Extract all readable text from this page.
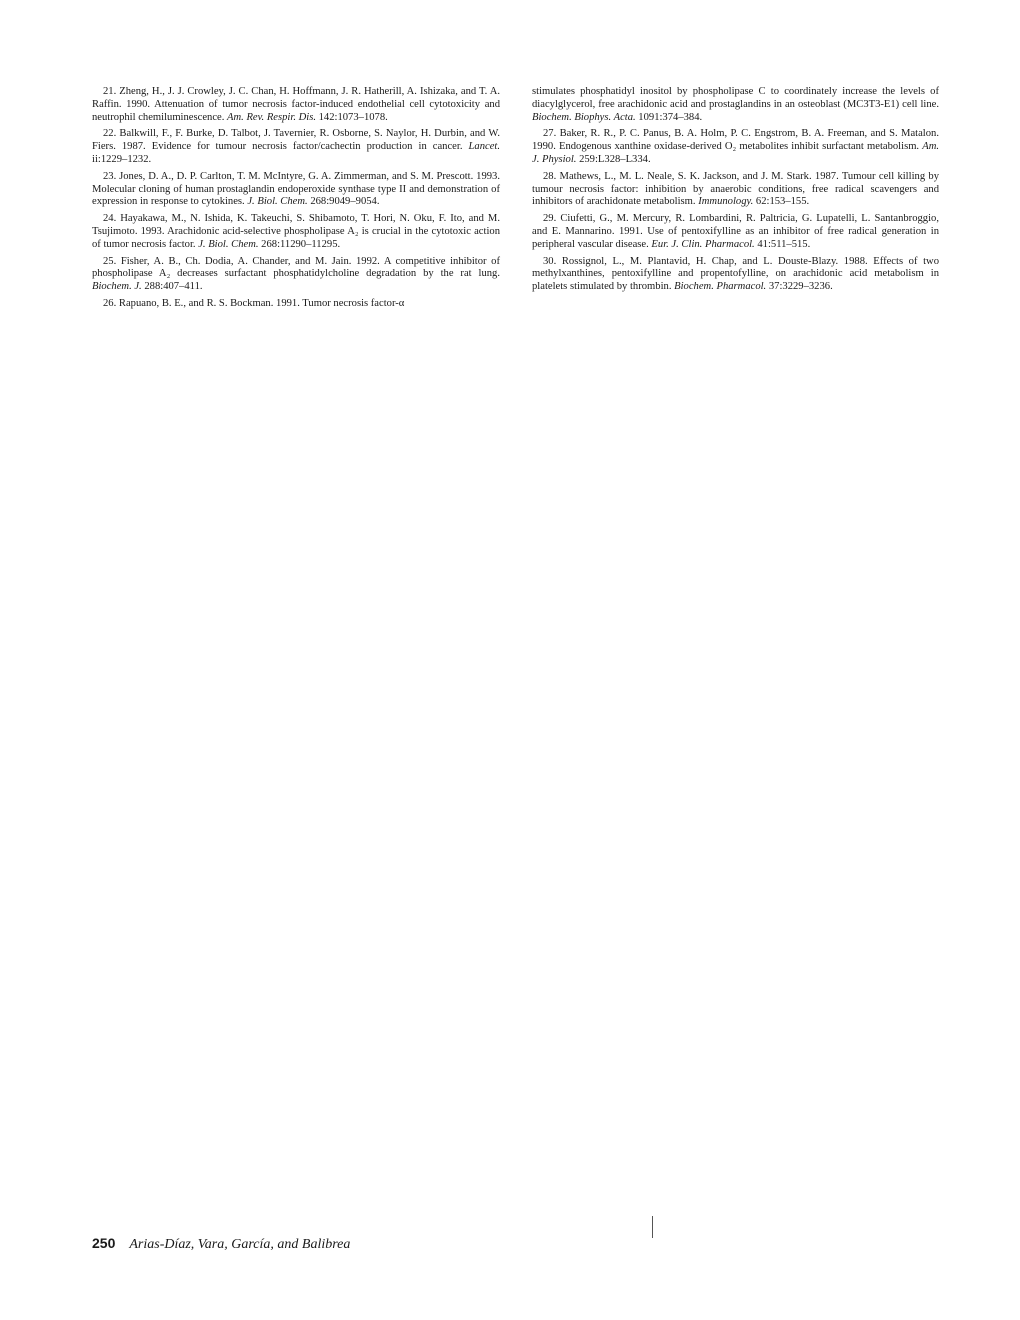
21. Zheng, H., J. J. Crowley, J. C. Chan, H. Hoffmann, J. R. Hatherill, A. Ishizaka, and T. A. Raffin. 1990. Attenuation of tumor necrosis factor-induced endothelial cell cytotoxicity and neutrophil chemiluminescence. Am. Rev. Respir. Dis. 142:1073–1078.

22. Balkwill, F., F. Burke, D. Talbot, J. Tavernier, R. Osborne, S. Naylor, H. Durbin, and W. Fiers. 1987. Evidence for tumour necrosis factor/cachectin production in cancer. Lancet. ii:1229–1232.

23. Jones, D. A., D. P. Carlton, T. M. McIntyre, G. A. Zimmerman, and S. M. Prescott. 1993. Molecular cloning of human prostaglandin endoperoxide synthase type II and demonstration of expression in response to cytokines. J. Biol. Chem. 268:9049–9054.

24. Hayakawa, M., N. Ishida, K. Takeuchi, S. Shibamoto, T. Hori, N. Oku, F. Ito, and M. Tsujimoto. 1993. Arachidonic acid-selective phospholipase A₂ is crucial in the cytotoxic action of tumor necrosis factor. J. Biol. Chem. 268:11290–11295.

25. Fisher, A. B., Ch. Dodia, A. Chander, and M. Jain. 1992. A competitive inhibitor of phospholipase A₂ decreases surfactant phosphatidylcholine degradation by the rat lung. Biochem. J. 288:407–411.

26. Rapuano, B. E., and R. S. Bockman. 1991. Tumor necrosis factor-α

stimulates phosphatidyl inositol by phospholipase C to coordinately increase the levels of diacylglycerol, free arachidonic acid and prostaglandins in an osteoblast (MC3T3-E1) cell line. Biochem. Biophys. Acta. 1091:374–384.

27. Baker, R. R., P. C. Panus, B. A. Holm, P. C. Engstrom, B. A. Freeman, and S. Matalon. 1990. Endogenous xanthine oxidase-derived O₂ metabolites inhibit surfactant metabolism. Am. J. Physiol. 259:L328–L334.

28. Mathews, L., M. L. Neale, S. K. Jackson, and J. M. Stark. 1987. Tumour cell killing by tumour necrosis factor: inhibition by anaerobic conditions, free radical scavengers and inhibitors of arachidonate metabolism. Immunology. 62:153–155.

29. Ciufetti, G., M. Mercury, R. Lombardini, R. Paltricia, G. Lupatelli, L. Santanbroggio, and E. Mannarino. 1991. Use of pentoxifylline as an inhibitor of free radical generation in peripheral vascular disease. Eur. J. Clin. Pharmacol. 41:511–515.

30. Rossignol, L., M. Plantavid, H. Chap, and L. Douste-Blazy. 1988. Effects of two methylxanthines, pentoxifylline and propentofylline, on arachidonic acid metabolism in platelets stimulated by thrombin. Biochem. Pharmacol. 37:3229–3236.

250 Arias-Díaz, Vara, García, and Balibrea
